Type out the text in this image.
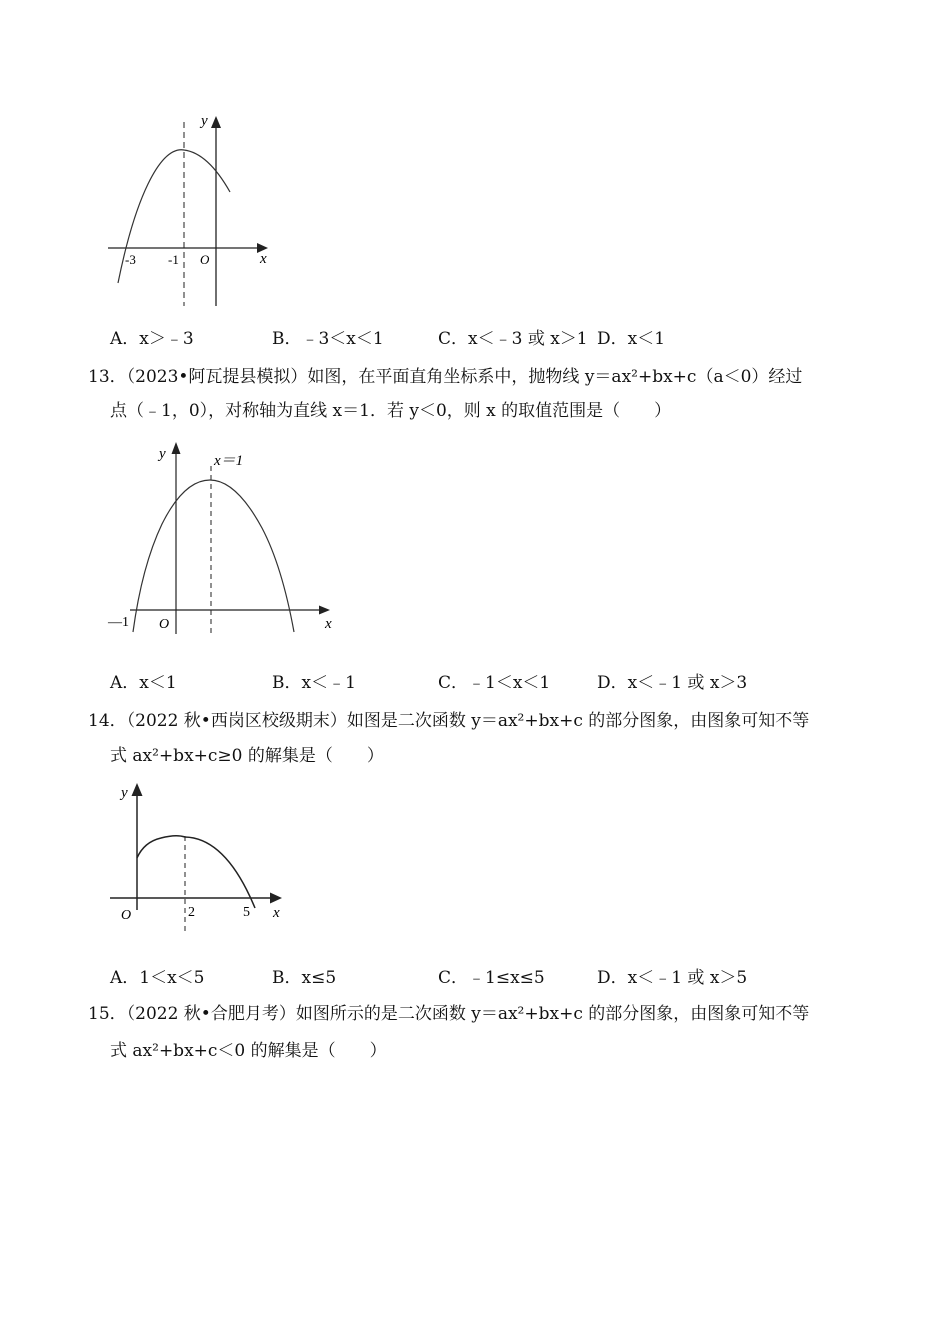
y
x
-3 -1 O
A．x＞﹣3	B．﹣3＜x＜1	C．x＜﹣3 或 x＞1 D．x＜1
13．（2023•阿瓦提县模拟）如图，在平面直角坐标系中，抛物线 y＝ax²+bx+c（a＜0）经过
点（﹣1，0），对称轴为直线 x＝1．若 y＜0，则 x 的取值范围是（　　）
y	x＝1
x
—1 O
A．x＜1	B．x＜﹣1	C．﹣1＜x＜1	D．x＜﹣1 或 x＞3
14．（2022 秋•西岗区校级期末）如图是二次函数 y＝ax²+bx+c 的部分图象，由图象可知不等
式 ax²+bx+c≥0 的解集是（　　）
y
x
2	5
O
A．1＜x＜5	B．x≤5	C．﹣1≤x≤5	D．x＜﹣1 或 x＞5
15．（2022 秋•合肥月考）如图所示的是二次函数 y＝ax²+bx+c 的部分图象，由图象可知不等
式 ax²+bx+c＜0 的解集是（　　）
